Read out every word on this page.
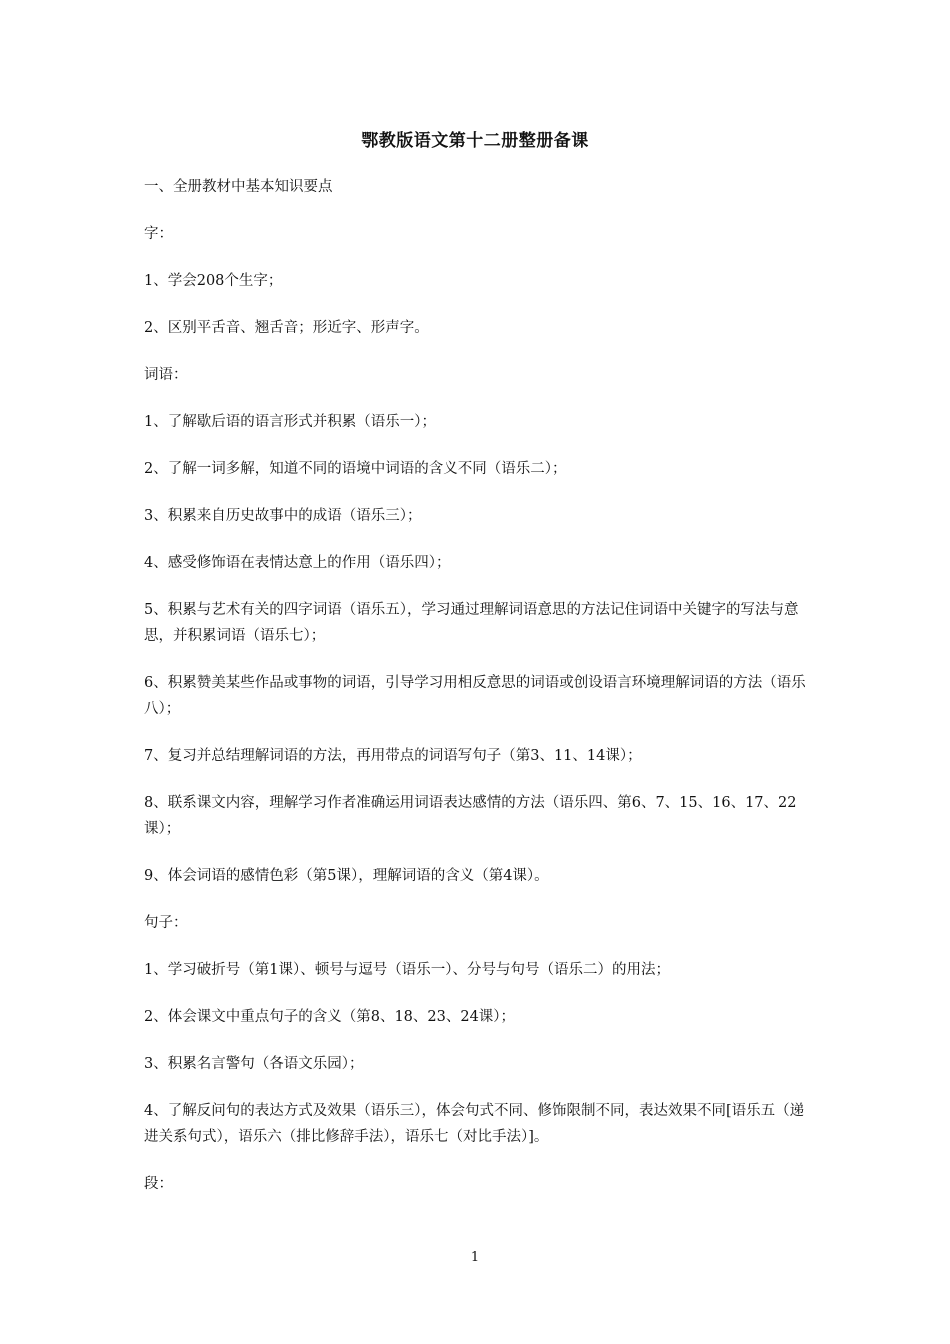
鄂教版语文第十二册整册备课

一、全册教材中基本知识要点

字：

1、学会208个生字；

2、区别平舌音、翘舌音；形近字、形声字。

词语：

1、了解歇后语的语言形式并积累（语乐一）；

2、了解一词多解，知道不同的语境中词语的含义不同（语乐二）；

3、积累来自历史故事中的成语（语乐三）；

4、感受修饰语在表情达意上的作用（语乐四）；

5、积累与艺术有关的四字词语（语乐五），学习通过理解词语意思的方法记住词语中关键字的写法与意思，并积累词语（语乐七）；

6、积累赞美某些作品或事物的词语，引导学习用相反意思的词语或创设语言环境理解词语的方法（语乐八）；

7、复习并总结理解词语的方法，再用带点的词语写句子（第3、11、14课）；

8、联系课文内容，理解学习作者准确运用词语表达感情的方法（语乐四、第6、7、15、16、17、22课）；

9、体会词语的感情色彩（第5课），理解词语的含义（第4课）。

句子：

1、学习破折号（第1课）、顿号与逗号（语乐一）、分号与句号（语乐二）的用法；

2、体会课文中重点句子的含义（第8、18、23、24课）；

3、积累名言警句（各语文乐园）；

4、了解反问句的表达方式及效果（语乐三），体会句式不同、修饰限制不同，表达效果不同[语乐五（递进关系句式），语乐六（排比修辞手法），语乐七（对比手法）]。

段：

1
